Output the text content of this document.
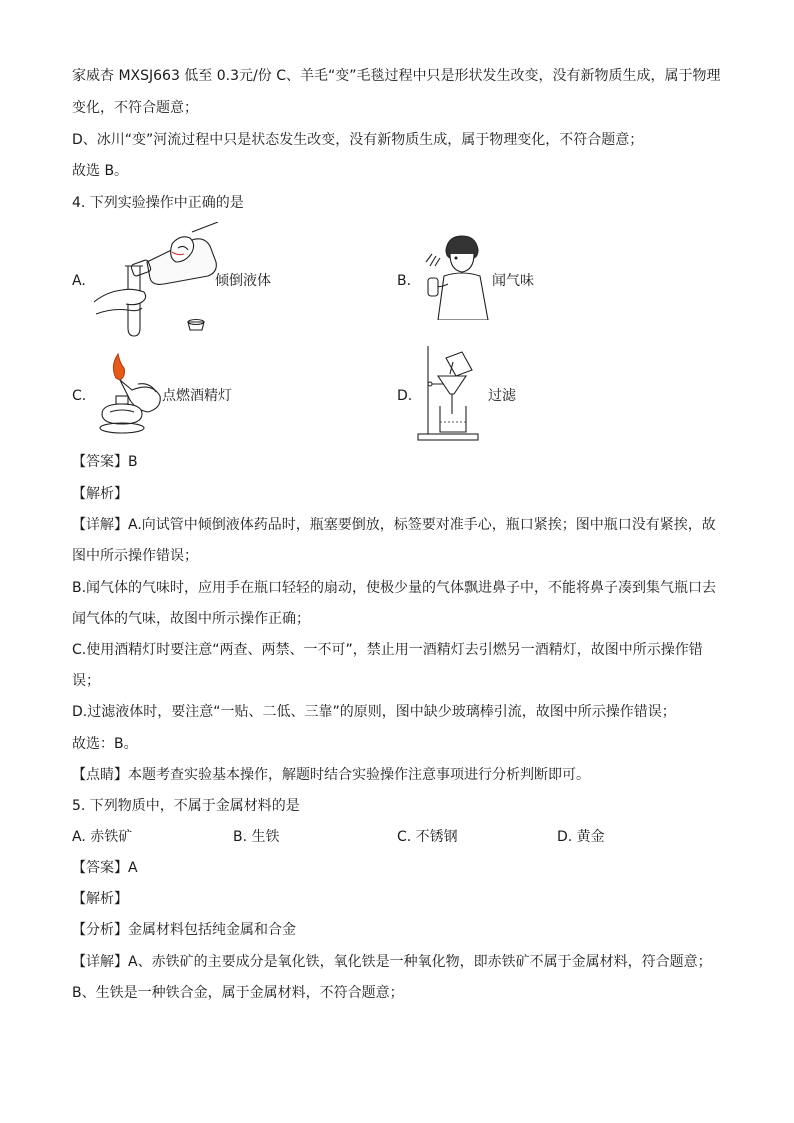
家威杏 MXSJ663 低至 0.3元/份 C、羊毛“变”毛毯过程中只是形状发生改变，没有新物质生成，属于物理
变化，不符合题意；
D、冰川“变”河流过程中只是状态发生改变，没有新物质生成，属于物理变化，不符合题意；
故选 B。
4. 下列实验操作中正确的是
A.	倾倒液体	B.	闻气味
C.	点燃酒精灯	D.	过滤
【答案】B
【解析】
【详解】A.向试管中倾倒液体药品时，瓶塞要倒放，标签要对准手心，瓶口紧挨；图中瓶口没有紧挨，故
图中所示操作错误；
B.闻气体的气味时，应用手在瓶口轻轻的扇动，使极少量的气体飘进鼻子中，不能将鼻子凑到集气瓶口去
闻气体的气味，故图中所示操作正确；
C.使用酒精灯时要注意“两查、两禁、一不可”，禁止用一酒精灯去引燃另一酒精灯，故图中所示操作错
误；
D.过滤液体时，要注意“一贴、二低、三靠”的原则，图中缺少玻璃棒引流，故图中所示操作错误；
故选：B。
【点睛】本题考查实验基本操作，解题时结合实验操作注意事项进行分析判断即可。
5. 下列物质中，不属于金属材料的是
A. 赤铁矿	B. 生铁	C. 不锈钢	D. 黄金
【答案】A
【解析】
【分析】金属材料包括纯金属和合金
【详解】A、赤铁矿的主要成分是氧化铁，氧化铁是一种氧化物，即赤铁矿不属于金属材料，符合题意；
B、生铁是一种铁合金，属于金属材料，不符合题意；
